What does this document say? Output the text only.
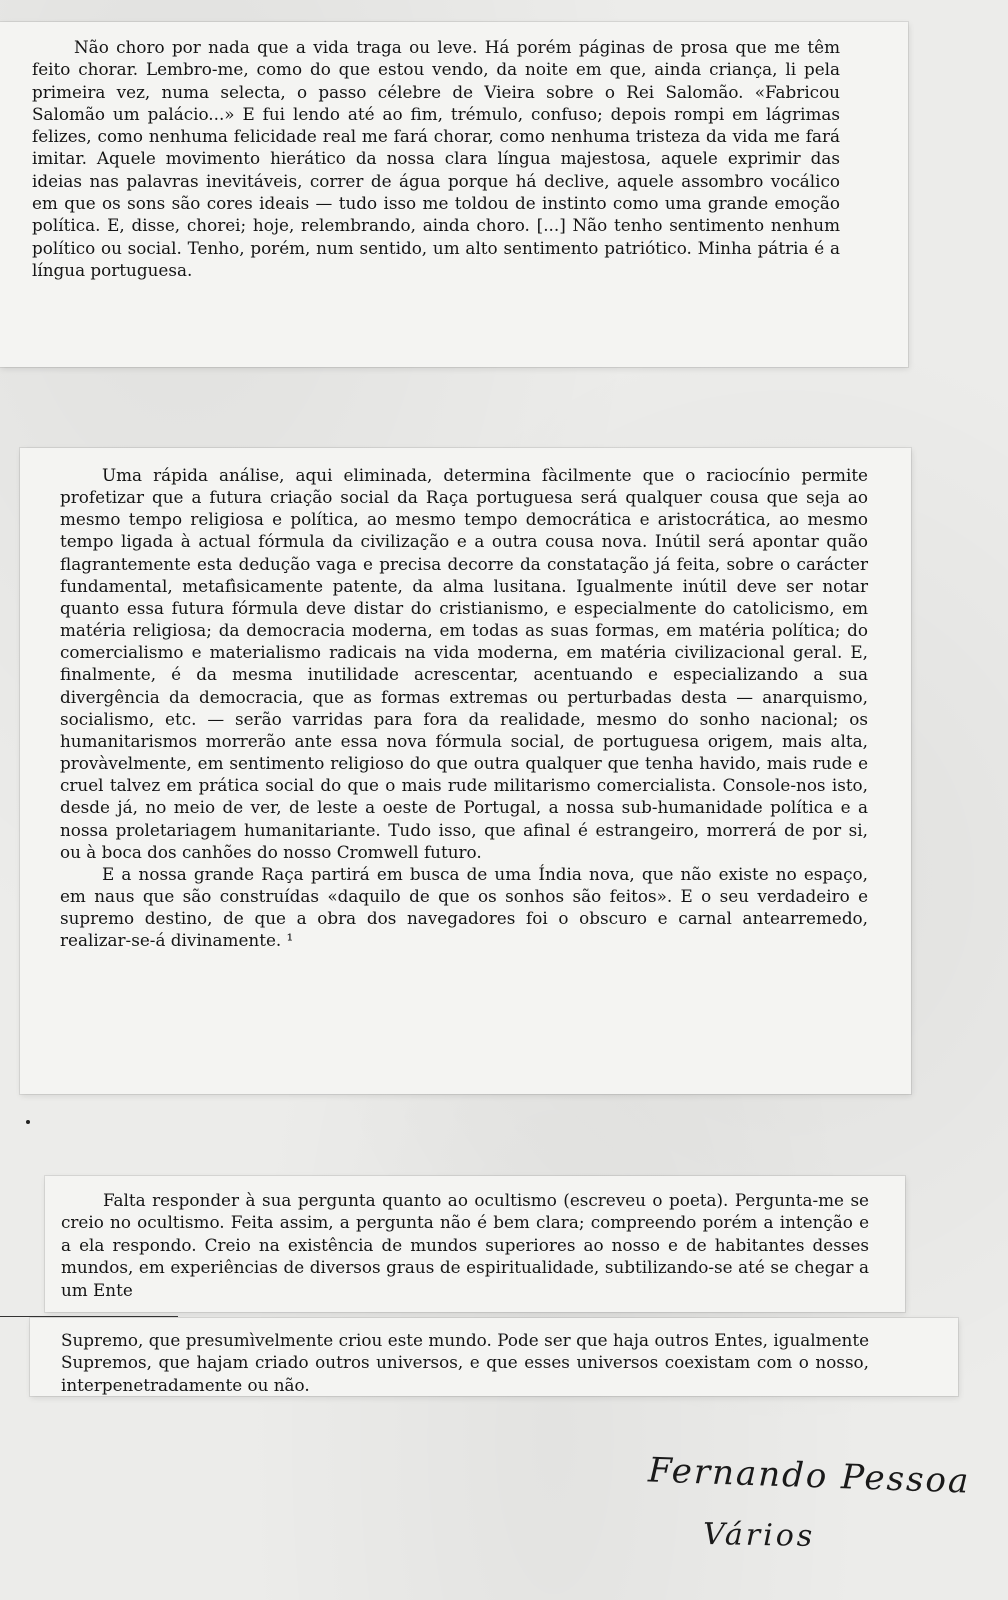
Não choro por nada que a vida traga ou leve. Há porém páginas de prosa que me têm feito chorar. Lembro-me, como do que estou vendo, da noite em que, ainda criança, li pela primeira vez, numa selecta, o passo célebre de Vieira sobre o Rei Salomão. «Fabricou Salomão um palácio...» E fui lendo até ao fim, trémulo, confuso; depois rompi em lágrimas felizes, como nenhuma felicidade real me fará chorar, como nenhuma tristeza da vida me fará imitar. Aquele movimento hierático da nossa clara língua majestosa, aquele exprimir das ideias nas palavras inevitáveis, correr de água porque há declive, aquele assombro vocálico em que os sons são cores ideais — tudo isso me toldou de instinto como uma grande emoção política. E, disse, chorei; hoje, relembrando, ainda choro. [...] Não tenho sentimento nenhum político ou social. Tenho, porém, num sentido, um alto sentimento patriótico. Minha pátria é a língua portuguesa.

Uma rápida análise, aqui eliminada, determina fàcilmente que o raciocínio permite profetizar que a futura criação social da Raça portuguesa será qualquer cousa que seja ao mesmo tempo religiosa e política, ao mesmo tempo democrática e aristocrática, ao mesmo tempo ligada à actual fórmula da civilização e a outra cousa nova. Inútil será apontar quão flagrantemente esta dedução vaga e precisa decorre da constatação já feita, sobre o carácter fundamental, metafìsicamente patente, da alma lusitana. Igualmente inútil deve ser notar quanto essa futura fórmula deve distar do cristianismo, e especialmente do catolicismo, em matéria religiosa; da democracia moderna, em todas as suas formas, em matéria política; do comercialismo e materialismo radicais na vida moderna, em matéria civilizacional geral. E, finalmente, é da mesma inutilidade acrescentar, acentuando e especializando a sua divergência da democracia, que as formas extremas ou perturbadas desta — anarquismo, socialismo, etc. — serão varridas para fora da realidade, mesmo do sonho nacional; os humanitarismos morrerão ante essa nova fórmula social, de portuguesa origem, mais alta, provàvelmente, em sentimento religioso do que outra qualquer que tenha havido, mais rude e cruel talvez em prática social do que o mais rude militarismo comercialista. Console-nos isto, desde já, no meio de ver, de leste a oeste de Portugal, a nossa sub-humanidade política e a nossa proletariagem humanitariante. Tudo isso, que afinal é estrangeiro, morrerá de por si, ou à boca dos canhões do nosso Cromwell futuro.

E a nossa grande Raça partirá em busca de uma Índia nova, que não existe no espaço, em naus que são construídas «daquilo de que os sonhos são feitos». E o seu verdadeiro e supremo destino, de que a obra dos navegadores foi o obscuro e carnal antearremedo, realizar-se-á divinamente. ¹

Falta responder à sua pergunta quanto ao ocultismo (escreveu o poeta). Pergunta-me se creio no ocultismo. Feita assim, a pergunta não é bem clara; compreendo porém a intenção e a ela respondo. Creio na existência de mundos superiores ao nosso e de habitantes desses mundos, em experiências de diversos graus de espiritualidade, subtilizando-se até se chegar a um Ente

Supremo, que presumìvelmente criou este mundo. Pode ser que haja outros Entes, igualmente Supremos, que hajam criado outros universos, e que esses universos coexistam com o nosso, interpenetradamente ou não.

Fernando Pessoa
Vários
